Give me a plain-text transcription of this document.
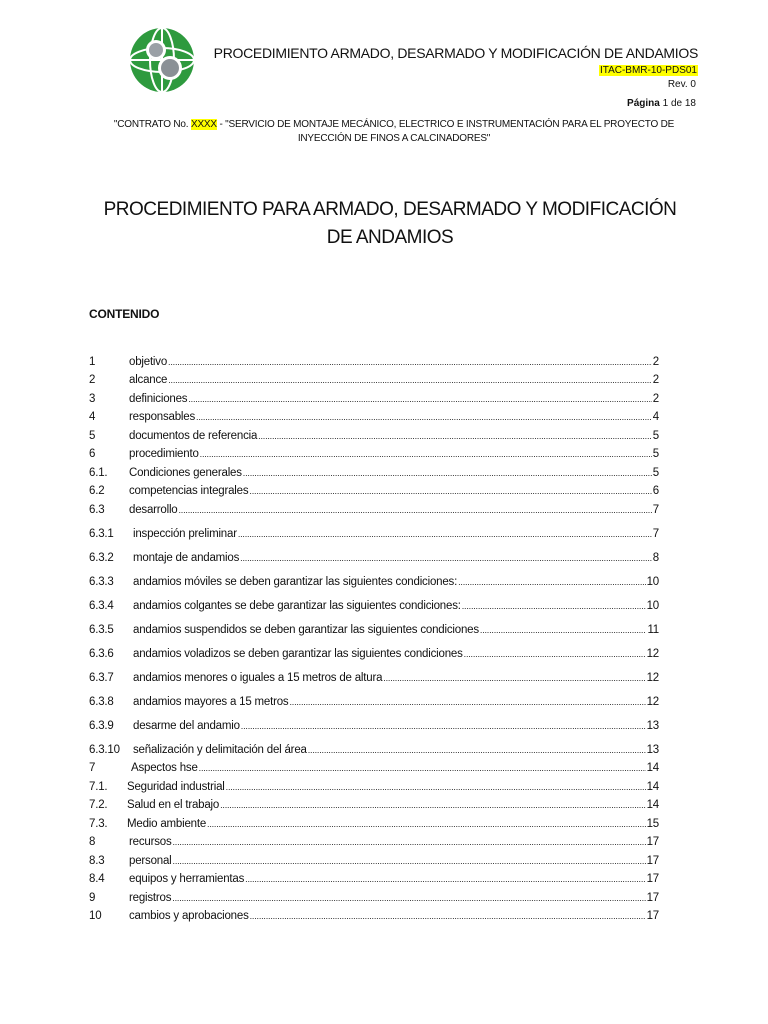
PROCEDIMIENTO ARMADO, DESARMADO Y MODIFICACIÓN DE ANDAMIOS
ITAC-BMR-10-PDS01
Rev. 0
Página 1 de 18
"CONTRATO No. XXXX - "SERVICIO DE MONTAJE MECÁNICO, ELECTRICO E INSTRUMENTACIÓN PARA EL PROYECTO DE INYECCIÓN DE FINOS A CALCINADORES"
PROCEDIMIENTO PARA ARMADO, DESARMADO Y MODIFICACIÓN DE ANDAMIOS
CONTENIDO
1	objetivo .....	2
2	alcance .....	2
3	definiciones .....	2
4	responsables .....	4
5	documentos de referencia .....	5
6	procedimiento .....	5
6.1.	Condiciones generales .....	5
6.2	competencias integrales .....	6
6.3	desarrollo .....	7
6.3.1	inspección preliminar .....	7
6.3.2	montaje de andamios .....	8
6.3.3	andamios móviles se deben garantizar las siguientes condiciones: .....	10
6.3.4	andamios colgantes se debe garantizar las siguientes condiciones: .....	10
6.3.5	andamios suspendidos se deben garantizar las siguientes condiciones .....	11
6.3.6	andamios voladizos se deben garantizar las siguientes condiciones .....	12
6.3.7	andamios menores o iguales a 15 metros de altura .....	12
6.3.8	andamios mayores a 15 metros .....	12
6.3.9	desarme del andamio .....	13
6.3.10	señalización y delimitación del área .....	13
7	Aspectos hse .....	14
7.1.	Seguridad industrial .....	14
7.2.	Salud en el trabajo .....	14
7.3.	Medio ambiente .....	15
8	recursos .....	17
8.3	personal .....	17
8.4	equipos y herramientas .....	17
9	registros .....	17
10	cambios y aprobaciones .....	17
